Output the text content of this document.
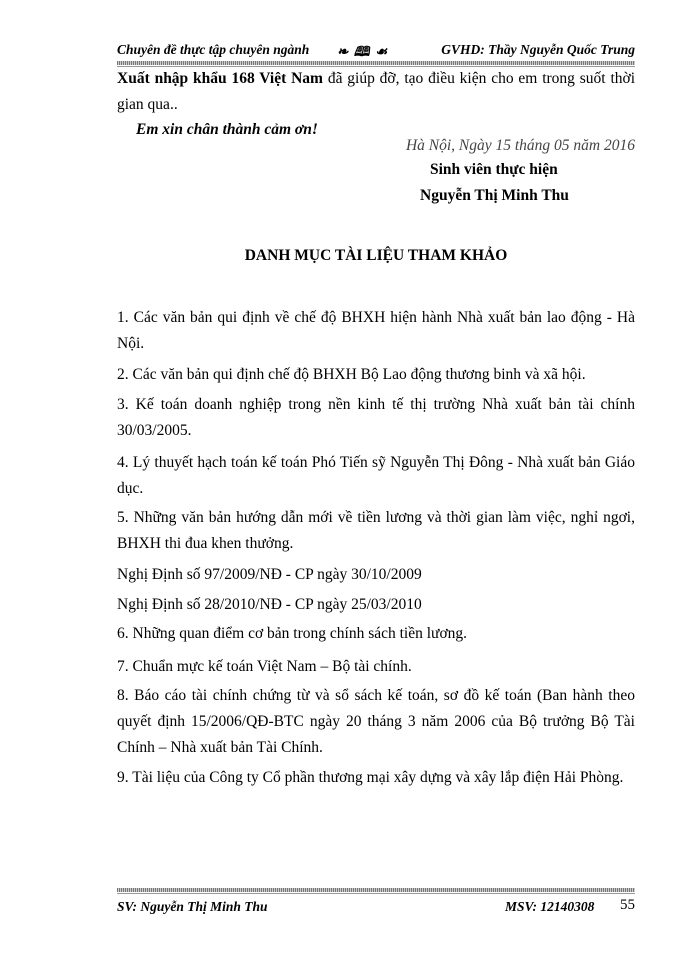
Chuyên đề thực tập chuyên ngành ❧ 🕮 ☙	GVHD: Thầy Nguyễn Quốc Trung
Xuất nhập khẩu 168 Việt Nam đã giúp đỡ, tạo điều kiện cho em trong suốt thời gian qua..
Em xin chân thành cảm ơn!
Hà Nội, Ngày 15 tháng 05 năm 2016
Sinh viên thực hiện
Nguyễn Thị Minh Thu
DANH MỤC TÀI LIỆU THAM KHẢO
1. Các văn bản qui định về chế độ BHXH hiện hành Nhà xuất bản lao động - Hà Nội.
2. Các văn bản qui định chế độ BHXH Bộ Lao động thương binh và xã hội.
3. Kế toán doanh nghiệp trong nền kinh tế thị trường Nhà xuất bản tài chính 30/03/2005.
4. Lý thuyết hạch toán kế toán Phó Tiến sỹ Nguyễn Thị Đông - Nhà xuất bản Giáo dục.
5. Những văn bản hướng dẫn mới về tiền lương và thời gian làm việc, nghỉ ngơi, BHXH thi đua khen thưởng.
Nghị Định số 97/2009/NĐ - CP ngày 30/10/2009
Nghị Định số 28/2010/NĐ - CP ngày 25/03/2010
6. Những quan điểm cơ bản trong chính sách tiền lương.
7. Chuẩn mực kế toán Việt Nam – Bộ tài chính.
8. Báo cáo tài chính chứng từ và sổ sách kế toán, sơ đồ kế toán (Ban hành theo quyết định 15/2006/QĐ-BTC ngày 20 tháng 3 năm 2006 của Bộ trưởng Bộ Tài Chính – Nhà xuất bản Tài Chính.
9. Tài liệu của Công ty Cổ phần thương mại xây dựng và xây lắp điện Hải Phòng.
SV: Nguyễn Thị Minh Thu	MSV: 12140308 55
